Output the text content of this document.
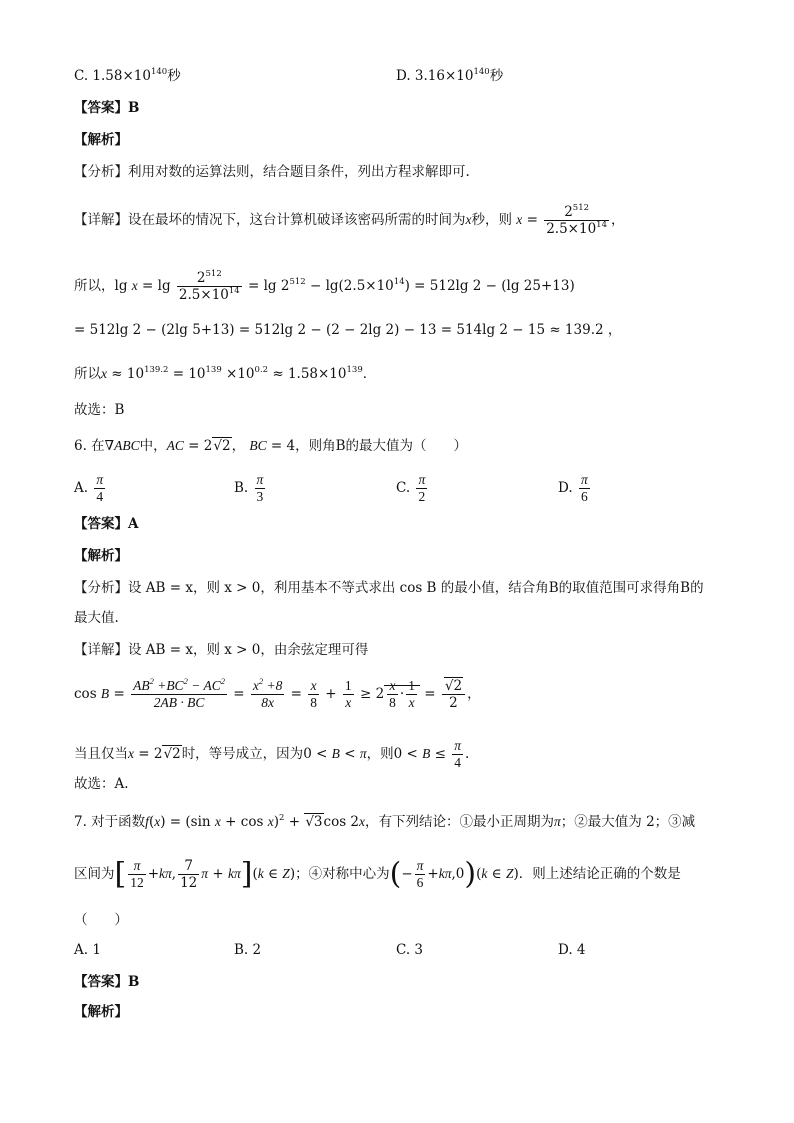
C. $1.58\times 10^{140}$秒	D. $3.16\times 10^{140}$秒
【答案】B
【解析】
【分析】利用对数的运算法则，结合题目条件，列出方程求解即可.
【详解】设在最坏的情况下，这台计算机破译该密码所需的时间为x秒，则 $x = \frac{2^{512}}{2.5\times 10^{14}}$ ，
所以，$\lg x = \lg \frac{2^{512}}{2.5\times 10^{14}} = \lg 2^{512} - \lg(2.5\times 10^{14}) = 512\lg$ 2 − (lg 25+13)
= 512lg 2 − (2lg 5+13) = 512lg 2 − (2 − 2lg 2) − 13 = 514lg 2 − 15 ≈ 139.2 ，
所以$x \approx 10^{139.2} = 10^{139} \times 10^{0.2} \approx 1.58\times 10^{139}$．
故选：B
6. 在∇ABC中，AC = 2√2， BC = 4，则角B的最大值为（　　）
A. $\frac{\pi}{4}$	B. $\frac{\pi}{3}$	C. $\frac{\pi}{2}$	D. $\frac{\pi}{6}$
【答案】A
【解析】
【分析】设 AB = x，则 x > 0，利用基本不等式求出 cos B 的最小值，结合角B的取值范围可求得角B的
最大值.
【详解】设 AB = x，则 x > 0，由余弦定理可得
$\cos B = \frac{AB^2 +BC^2 - AC^2}{2AB \cdot BC} = \frac{x^2 +8}{8x} = \frac{x}{8} + \frac{1}{x} \ge 2 \frac{x}{8} \cdot \frac{1}{x} = \frac{√2}{2}$ ，
当且仅当x = 2√2时，等号成立，因为0 < B < π，则$0 < B \le \frac{\pi}{4}$ .
故选：A.
7. 对于函数f(x) = (sin x + cos x)$^2$ + √3cos 2x，有下列结论：①最小正周期为π；②最大值为 2；③减
区间为[ $\frac{\pi}{12} +k\pi$, $\frac{7}{12}$ π + kπ](k ∈ Z)；④对称中心为(− $\frac{\pi}{6} +k\pi,0)(k$ ∈ Z)．则上述结论正确的个数是
（　　）
A. 1	B. 2	C. 3	D. 4
【答案】B
【解析】
